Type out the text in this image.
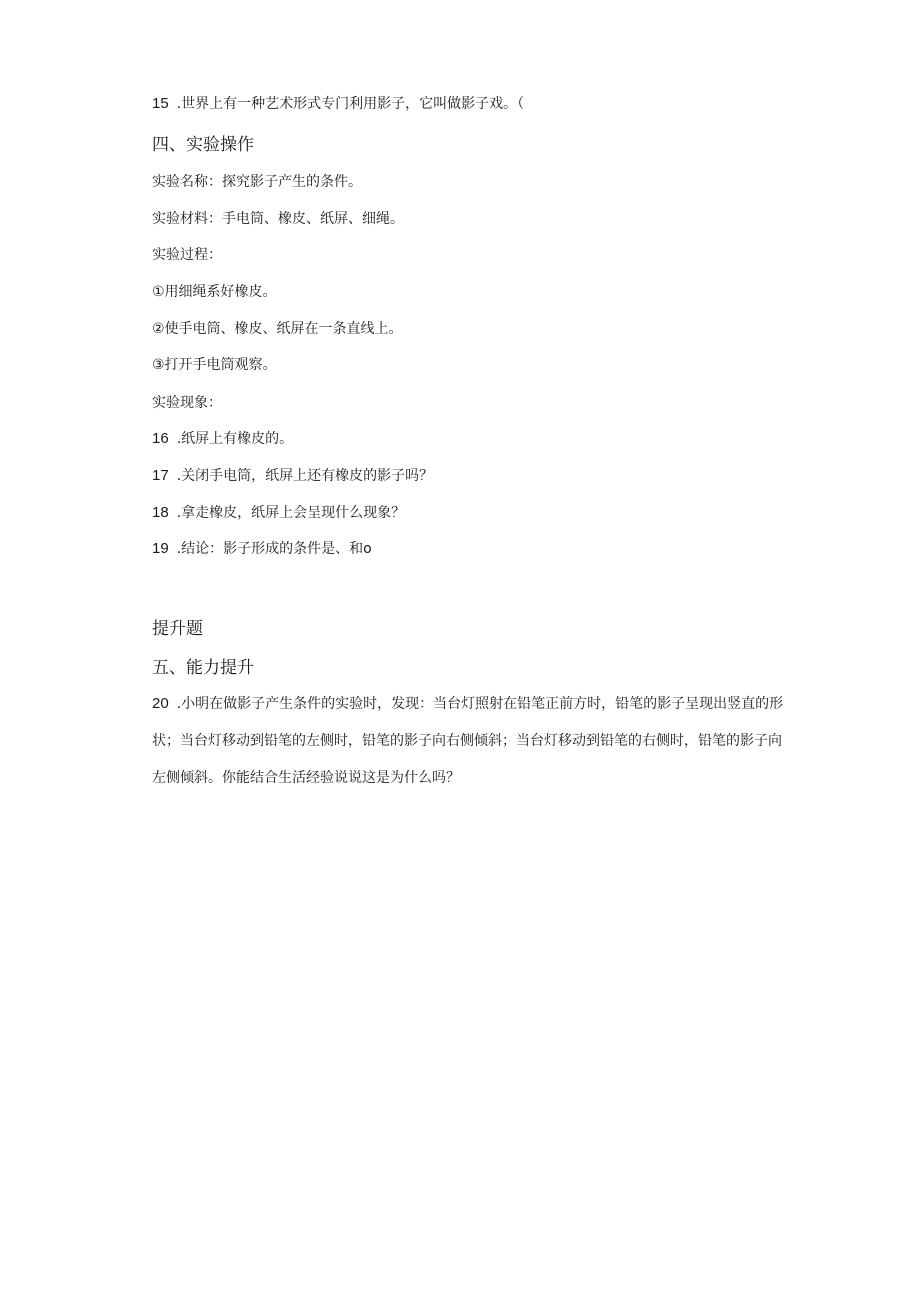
15 .世界上有一种艺术形式专门利用影子，它叫做影子戏。（
四、实验操作
实验名称：探究影子产生的条件。
实验材料：手电筒、橡皮、纸屏、细绳。
实验过程：
①用细绳系好橡皮。
②使手电筒、橡皮、纸屏在一条直线上。
③打开手电筒观察。
实验现象：
16 .纸屏上有橡皮的。
17 .关闭手电筒，纸屏上还有橡皮的影子吗？
18 .拿走橡皮，纸屏上会呈现什么现象？
19 .结论：影子形成的条件是、和o
提升题
五、能力提升
20 .小明在做影子产生条件的实验时，发现：当台灯照射在铅笔正前方时，铅笔的影子呈现出竖直的形状；当台灯移动到铅笔的左侧时，铅笔的影子向右侧倾斜；当台灯移动到铅笔的右侧时，铅笔的影子向左侧倾斜。你能结合生活经验说说这是为什么吗？
